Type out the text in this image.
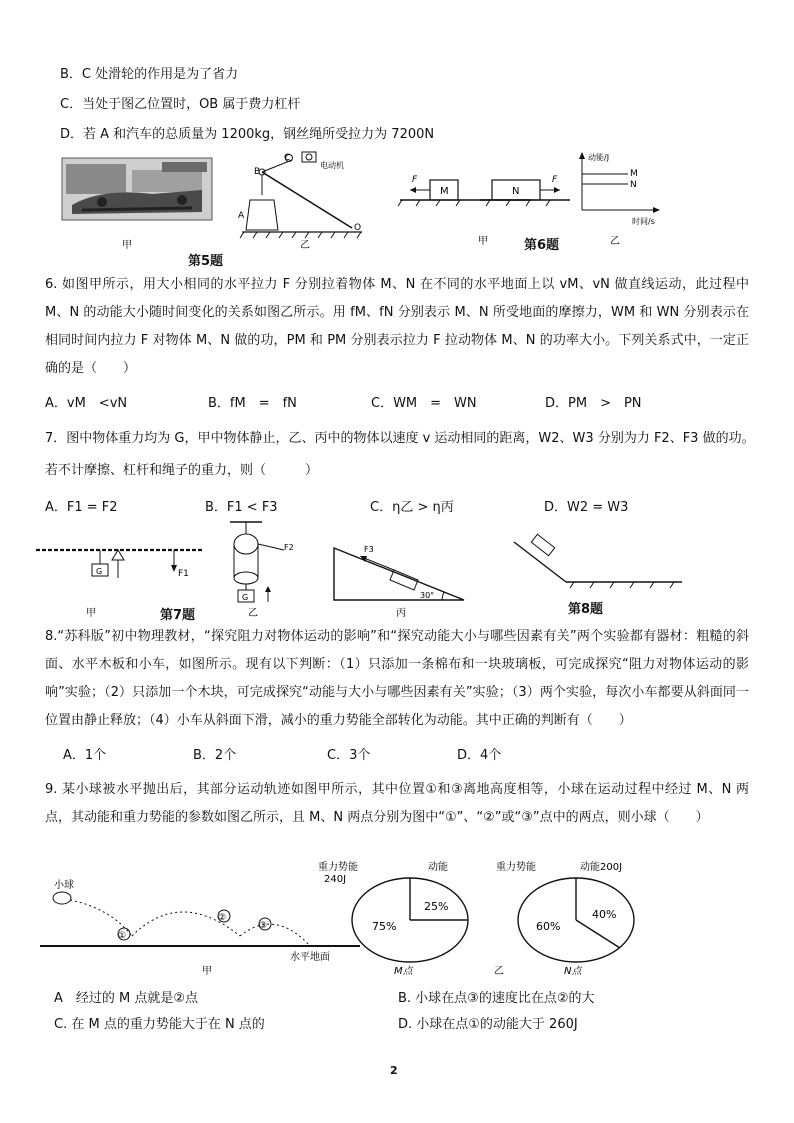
B．C 处滑轮的作用是为了省力
C．当处于图乙位置时，OB 属于费力杠杆
D．若 A 和汽车的总质量为 1200kg，钢丝绳所受拉力为 7200N
C
B
A
O
电动机
甲	乙
第5题
F
M	N
F
动能/J
时间/s
M
N
甲	乙
第6题
6. 如图甲所示，用大小相同的水平拉力 F 分别拉着物体 M、N 在不同的水平地面上以 vM、vN 做直线运动，此过程中 M、N 的动能大小随时间变化的关系如图乙所示。用 fM、fN 分别表示 M、N 所受地面的摩擦力，WM 和 WN 分别表示在相同时间内拉力 F 对物体 M、N 做的功，PM 和 PM 分别表示拉力 F 拉动物体 M、N 的功率大小。下列关系式中，一定正确的是（　　）
A．vM　<vN	B．fM　=　fN	C．WM　=　WN	D．PM　>　PN
7．图中物体重力均为 G，甲中物体静止，乙、丙中的物体以速度 v 运动相同的距离，W2、W3 分别为力 F2、F3 做的功。
若不计摩擦、杠杆和绳子的重力，则（　　　）
A．F1 = F2	B．F1 < F3	C．η乙 > η丙	D．W2 = W3
G	F1
甲
F2
G
乙
F3
30°
丙
第7题	第8题
8.“苏科版”初中物理教材，“探究阻力对物体运动的影响”和“探究动能大小与哪些因素有关”两个实验都有器材：粗糙的斜面、水平木板和小车，如图所示。现有以下判断：（1）只添加一条棉布和一块玻璃板，可完成探究“阻力对物体运动的影响”实验；（2）只添加一个木块，可完成探究“动能与大小与哪些因素有关”实验；（3）两个实验，每次小车都要从斜面同一位置由静止释放；（4）小车从斜面下滑，减小的重力势能全部转化为动能。其中正确的判断有（　　）
A．1个	B．2个	C．3个	D．4个
9. 某小球被水平抛出后，其部分运动轨迹如图甲所示，其中位置①和③离地高度相等，小球在运动过程中经过 M、N 两点，其动能和重力势能的参数如图乙所示，且 M、N 两点分别为图中“①”、“②”或“③”点中的两点，则小球（　　）
小球
①
②
③
水平地面
甲
重力势能
240J
动能
75%
25%
M点
重力势能	动能200J
60%
40%
N点
乙
A　经过的 M 点就是②点	B. 小球在点③的速度比在点②的大
C. 在 M 点的重力势能大于在 N 点的	D. 小球在点①的动能大于 260J
2
